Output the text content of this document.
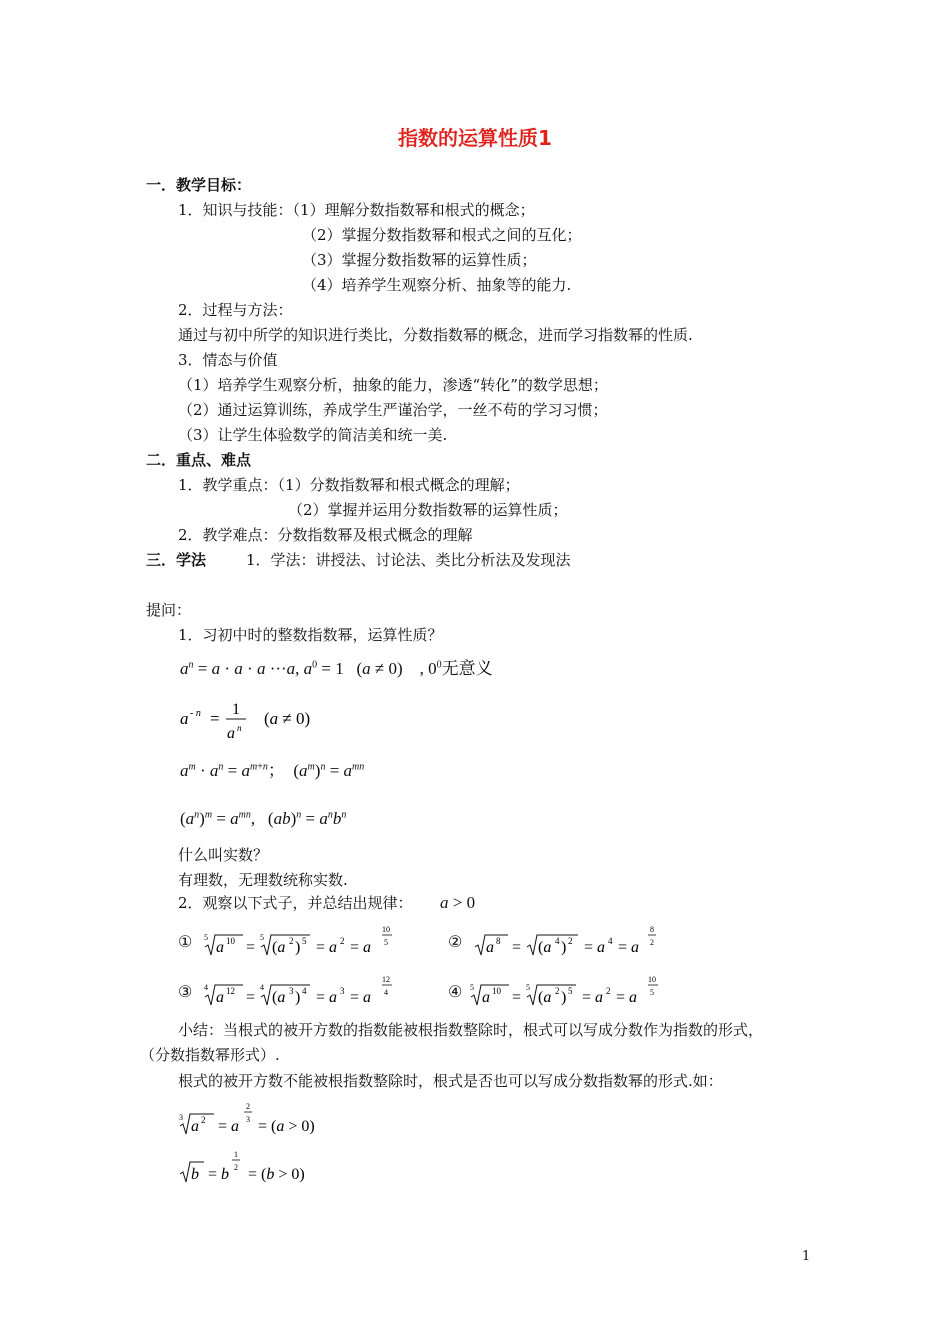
指数的运算性质1
一．教学目标：
1．知识与技能：（1）理解分数指数幂和根式的概念；
（2）掌握分数指数幂和根式之间的互化；
（3）掌握分数指数幂的运算性质；
（4）培养学生观察分析、抽象等的能力.
2．过程与方法：
通过与初中所学的知识进行类比，分数指数幂的概念，进而学习指数幂的性质.
3．情态与价值
（1）培养学生观察分析，抽象的能力，渗透“转化”的数学思想；
（2）通过运算训练，养成学生严谨治学，一丝不苟的学习习惯；
（3）让学生体验数学的简洁美和统一美.
二．重点、难点
1．教学重点：（1）分数指数幂和根式概念的理解；
（2）掌握并运用分数指数幂的运算性质；
2．教学难点：分数指数幂及根式概念的理解
三．学法	1．学法：讲授法、讨论法、类比分析法及发现法
提问：
1．习初中时的整数指数幂，运算性质？
$a^n = a \cdot a \cdot a \cdot\cdot\cdot a$, $a^0 = 1$   (a ≠ 0)    , $0^0$无意义
a - n = 1
a n (a ≠ 0)
$a^m \cdot a^n = a^{m+n}$；  $(a^m)^n = a^{mn}$
$(a^n)^m = a^{mn}$,   $(ab)^n = a^nb^n$
什么叫实数？
有理数，无理数统称实数.
2．观察以下式子，并总结出规律： a > 0
① 5
a 10 =
5
(a 2 ) 5 = a 2 = a
10
5	② a 8 = (a 4 ) 2 = a 4 = a
8
2
③ 4
a 12 =
4
(a 3 ) 4 = a 3 = a
12
4	④ 5
a 10 =
5
(a 2 ) 5 = a 2 = a
10
5
小结：当根式的被开方数的指数能被根指数整除时，根式可以写成分数作为指数的形式，
（分数指数幂形式）.
根式的被开方数不能被根指数整除时，根式是否也可以写成分数指数幂的形式.如：
3
a 2 = a
2
3 = (a > 0)
b = b
1
2 = (b > 0)
1
